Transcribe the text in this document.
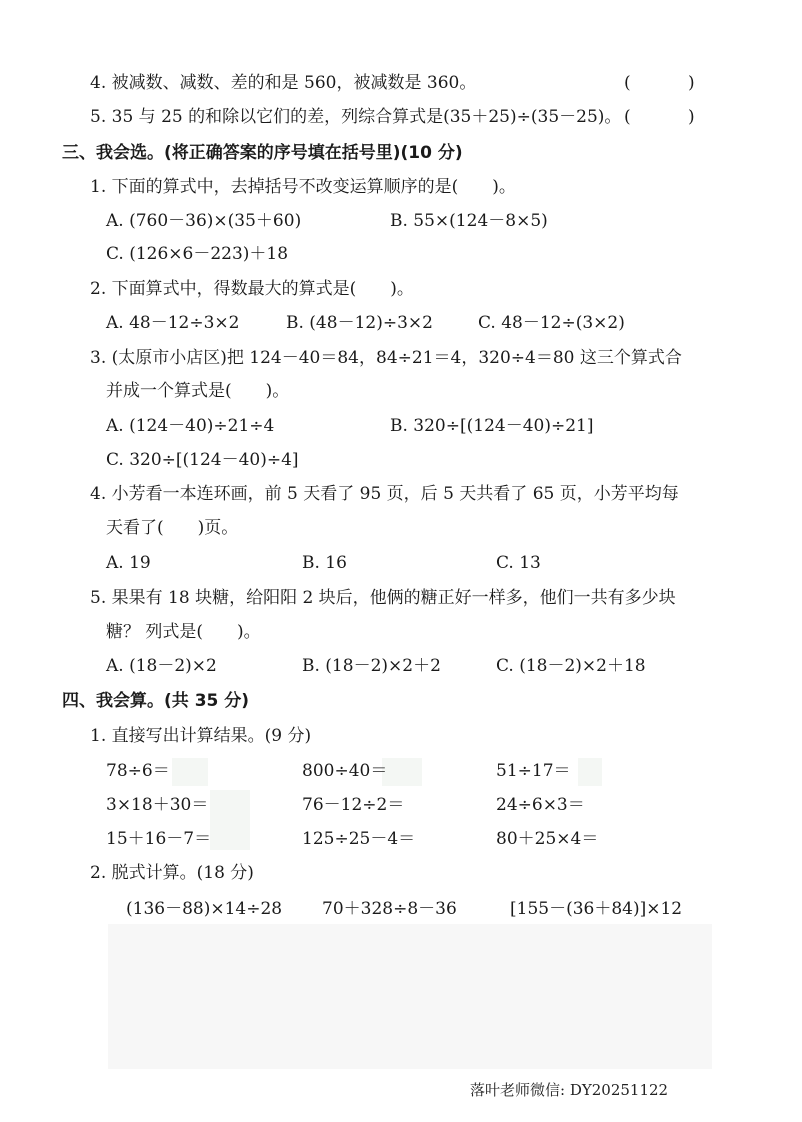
4. 被减数、减数、差的和是 560，被减数是 360。	(	)
5. 35 与 25 的和除以它们的差，列综合算式是(35＋25)÷(35－25)。 (	)
三、我会选。(将正确答案的序号填在括号里)(10 分)
1. 下面的算式中，去掉括号不改变运算顺序的是(　　)。
A. (760－36)×(35＋60)	B. 55×(124－8×5)
C. (126×6－223)＋18
2. 下面算式中，得数最大的算式是(　　)。
A. 48－12÷3×2	B. (48－12)÷3×2	C. 48－12÷(3×2)
3. (太原市小店区)把 124－40＝84，84÷21＝4，320÷4＝80 这三个算式合
并成一个算式是(　　)。
A. (124－40)÷21÷4	B. 320÷[(124－40)÷21]
C. 320÷[(124－40)÷4]
4. 小芳看一本连环画，前 5 天看了 95 页，后 5 天共看了 65 页，小芳平均每
天看了(　　)页。
A. 19	B. 16	C. 13
5. 果果有 18 块糖，给阳阳 2 块后，他俩的糖正好一样多，他们一共有多少块
糖？ 列式是(　　)。
A. (18－2)×2	B. (18－2)×2＋2	C. (18－2)×2＋18
四、我会算。(共 35 分)
1. 直接写出计算结果。(9 分)
78÷6＝	800÷40＝	51÷17＝
3×18＋30＝	76－12÷2＝	24÷6×3＝
15＋16－7＝	125÷25－4＝	80＋25×4＝
2. 脱式计算。(18 分)
(136－88)×14÷28 70＋328÷8－36	[155－(36＋84)]×12
落叶老师微信: DY20251122
